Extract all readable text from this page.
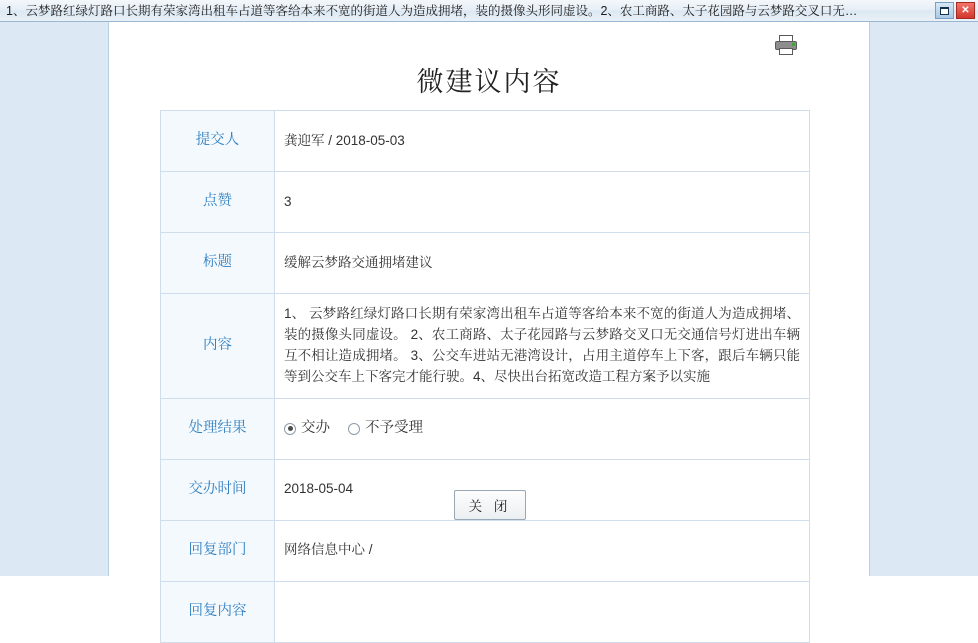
1、云梦路红绿灯路口长期有荣家湾出租车占道等客给本来不宽的街道人为造成拥堵，装的摄像头形同虚设。2、农工商路、太子花园路与云梦路交叉口无…	✕
微建议内容
提交人	龚迎军 / 2018-05-03
点赞	3
标题	缓解云梦路交通拥堵建议
内容	1、 云梦路红绿灯路口长期有荣家湾出租车占道等客给本来不宽的街道人为造成拥堵、装的摄像头同虚设。 2、农工商路、太子花园路与云梦路交叉口无交通信号灯进出车辆互不相让造成拥堵。 3、公交车进站无港湾设计，占用主道停车上下客，跟后车辆只能等到公交车上下客完才能行驶。4、尽快出台拓宽改造工程方案予以实施
处理结果	交办 不予受理

交办时间	2018-05-04
回复部门	网络信息中心 /
回复内容	
关 闭
